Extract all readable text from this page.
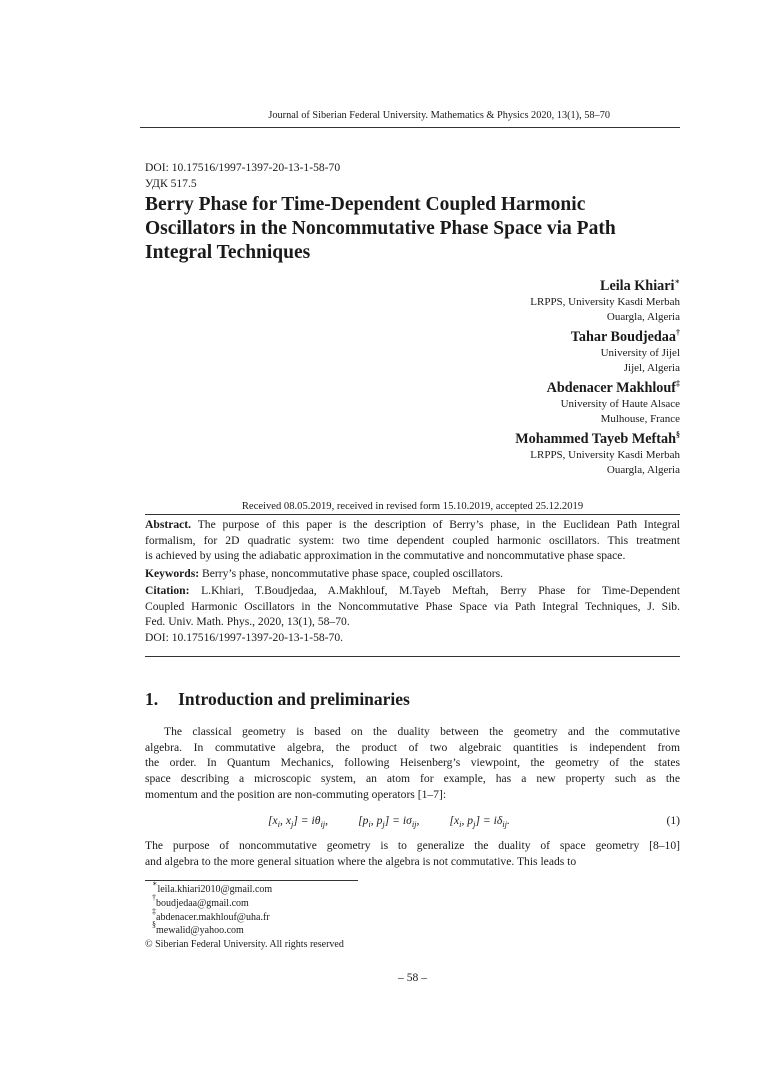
Journal of Siberian Federal University. Mathematics & Physics 2020, 13(1), 58–70
DOI: 10.17516/1997-1397-20-13-1-58-70
УДК 517.5
Berry Phase for Time-Dependent Coupled Harmonic
Oscillators in the Noncommutative Phase Space via Path
Integral Techniques
Leila Khiari∗
LRPPS, University Kasdi Merbah
Ouargla, Algeria
Tahar Boudjedaa†
University of Jijel
Jijel, Algeria
Abdenacer Makhlouf‡
University of Haute Alsace
Mulhouse, France
Mohammed Tayeb Meftah§
LRPPS, University Kasdi Merbah
Ouargla, Algeria
Received 08.05.2019, received in revised form 15.10.2019, accepted 25.12.2019
Abstract. The purpose of this paper is the description of Berry’s phase, in the Euclidean Path Integral
formalism, for 2D quadratic system: two time dependent coupled harmonic oscillators. This treatment
is achieved by using the adiabatic approximation in the commutative and noncommutative phase space.
Keywords: Berry’s phase, noncommutative phase space, coupled oscillators.
Citation: L.Khiari, T.Boudjedaa, A.Makhlouf, M.Tayeb Meftah, Berry Phase for Time-Dependent
Coupled Harmonic Oscillators in the Noncommutative Phase Space via Path Integral Techniques, J. Sib.
Fed. Univ. Math. Phys., 2020, 13(1), 58–70.
DOI: 10.17516/1997-1397-20-13-1-58-70.
1. Introduction and preliminaries
The classical geometry is based on the duality between the geometry and the commutative
algebra. In commutative algebra, the product of two algebraic quantities is independent from
the order. In Quantum Mechanics, following Heisenberg’s viewpoint, the geometry of the states
space describing a microscopic system, an atom for example, has a new property such as the
momentum and the position are non-commuting operators [1–7]:
[$x_i$, $x_j] = i\theta_{ij}$,	[$p_i$, $p_j] = i\sigma_{ij}$,	[$x_i$, $p_j] = i\delta_{ij}$.	(1)
The purpose of noncommutative geometry is to generalize the duality of space geometry [8–10]
and algebra to the more general situation where the algebra is not commutative. This leads to
∗leila.khiari2010@gmail.com
†boudjedaa@gmail.com
‡abdenacer.makhlouf@uha.fr
§mewalid@yahoo.com
© Siberian Federal University. All rights reserved
– 58 –
